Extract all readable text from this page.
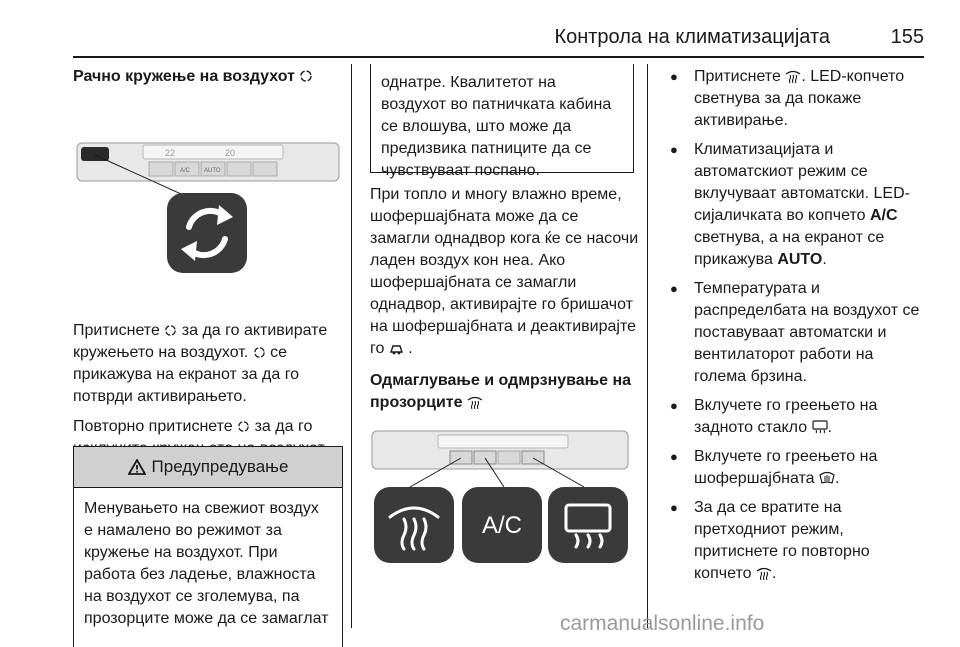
Контрола на климатизацијата	155
Рачно кружење на воздухот
22	20
A/C AUTO

Притиснете за да го активирате кружењето на воздухот. се прикажува на екранот за да го потврди активирањето.

Повторно притиснете за да го

Предупредување
Менувањето на свежиот воздух е намалено во режимот за кружење на воздухот. При работа без ладење, влажноста на воздухот се зголемува, па прозорците може да се замаглат
однатре. Квалитетот на воздухот во патничката кабина се влошува, што може да предизвика патниците да се чувствуваат поспано.

При топло и многу влажно време, шофершајбната може да се замагли однадвор кога ќе се насочи ладен воздух кон неа. Ако шофершајбната се замагли однадвор, активирајте го бришачот на шофершајбната и деактивирајте го .

Одмаглување и одмрзнување на прозорците
A/C
● Притиснете . LED-копчето светнува за да покаже активирање.
● Климатизацијата и автоматскиот режим се вклучуваат автоматски. LED-сијаличката во копчето A/C светнува, а на екранот се прикажува AUTO.
● Температурата и распределбата на воздухот се поставуваат автоматски и вентилаторот работи на голема брзина.
● Вклучете го греењето на задното стакло .
● Вклучете го греењето на шофершајбната .
● За да се вратите на претходниот режим, притиснете го повторно копчето .
carmanualsonline.info
